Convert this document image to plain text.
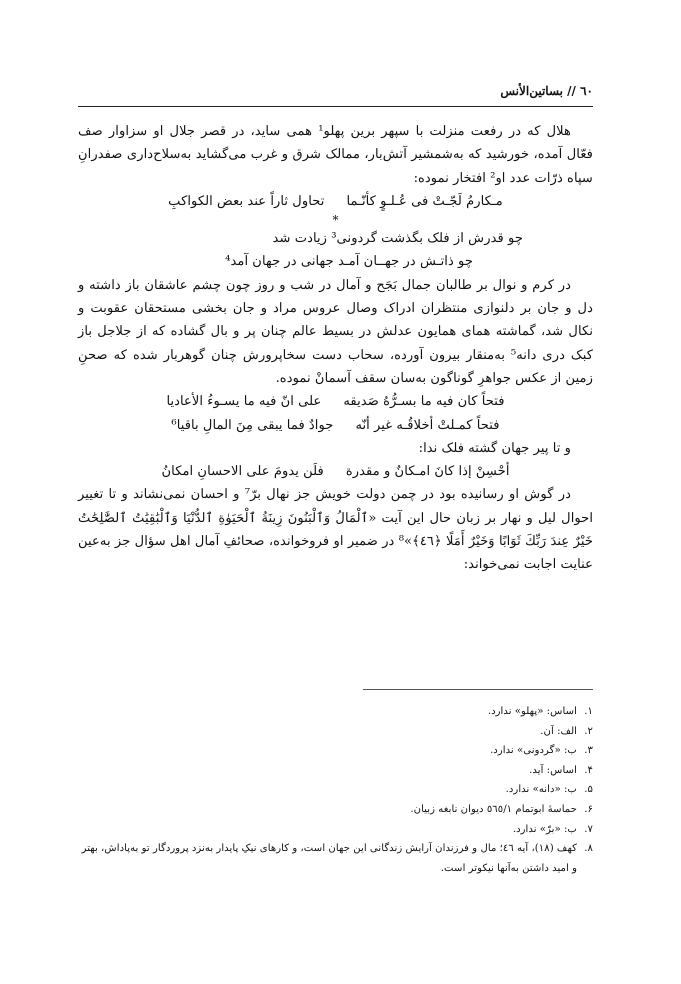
٦٠ // بساتین‌الأنس

هلال که در رفعت منزلت با سپهر برین پهلو¹ همی ساید، در قصر جلال او سزاوار صف فعّال آمده، خورشید که به‌شمشیر آتش‌بار، ممالک شرق و غرب می‌گشاید به‌سلاح‌داری صفدرانِ سپاه ذرّات عدد او² افتخار نموده:

مـکارمُ لَجّـتْ فی عُـلـوٍ کأنّـما
تحاول ثاراً عند بعض الکواکبِ

*

چو قدرش از فلک بگذشت گردونی³ زیادت شد
چو ذاتـش در جهــان آمـد جهانی در جهان آمد⁴

در کرم و نوال بر طالبان جمال بَجَح و آمال در شب و روز چون چشم عاشقان باز داشته و دل و جان بر دلنوازی منتظران ادراک وصال عروس مراد و جان بخشی مستحقان عقوبت و نکال شد، گماشته همای همایون عدلش در بسیط عالم چنان پر و بال گشاده که از جلاجل باز کبک دری دانه⁵ به‌منقار بیرون آورده، سحاب دست سخاپرورش چنان گوهربار شده که صحنِ زمین از عکس جواهرِ گوناگون به‌سان سقف آسمانْ نموده.

فتحاً کان فیه ما بسـرُّهُ صَدیقه
علی انّ فیه ما یسـوءُ الأعادیا
فتحاً کمـلتْ أخلاقُـه غیر أنّه
جوادٌ فما یبقی مِنَ المالِ باقیا⁶

و تا پیر جهان گشته فلک ندا:

أحْسِنْ إذا کانَ امـکانٌ و مقدرة
فلَن یدومَ علی الاحسانِ امکانُ

در گوش او رسانیده بود در چمن دولت خویش جز نهال برّ⁷ و احسان نمی‌نشاند و تا تغییر احوال لیل و نهار بر زبان حال این آیت «ٱلْمَالُ وَٱلْبَنُونَ زِينَةُ ٱلْحَيَوٰةِ ٱلدُّنْيَا وَٱلْبَٰقِيَٰتُ ٱلصَّٰلِحَٰتُ خَيْرٌ عِندَ رَبِّكَ ثَوَابًا وَخَيْرٌ أَمَلًا ﴿٤٦﴾»⁸ در ضمیر او فروخوانده، صحائفِ آمال اهل سؤال جز به‌عین عنایت اجابت نمی‌خواند:

۱.
اساس: «پهلو» ندارد.
۲.
الف: آن.
۳.
ب: «گردونی» ندارد.
۴.
اساس: آید.
۵.
ب: «دانه» ندارد.
۶.
حماسهٔ ابوتمام ٥٦٥/١ دیوان نابغه زبیان.
۷.
ب: «برّ» ندارد.
۸.
کهف (١٨)، آیه ٤٦؛ مال و فرزندان آرایش زندگانی این جهان است، و کارهای نیکِ پایدار به‌نزد پروردگار تو به‌پاداش، بهتر و امید داشتن به‌آنها نیکوتر است.
